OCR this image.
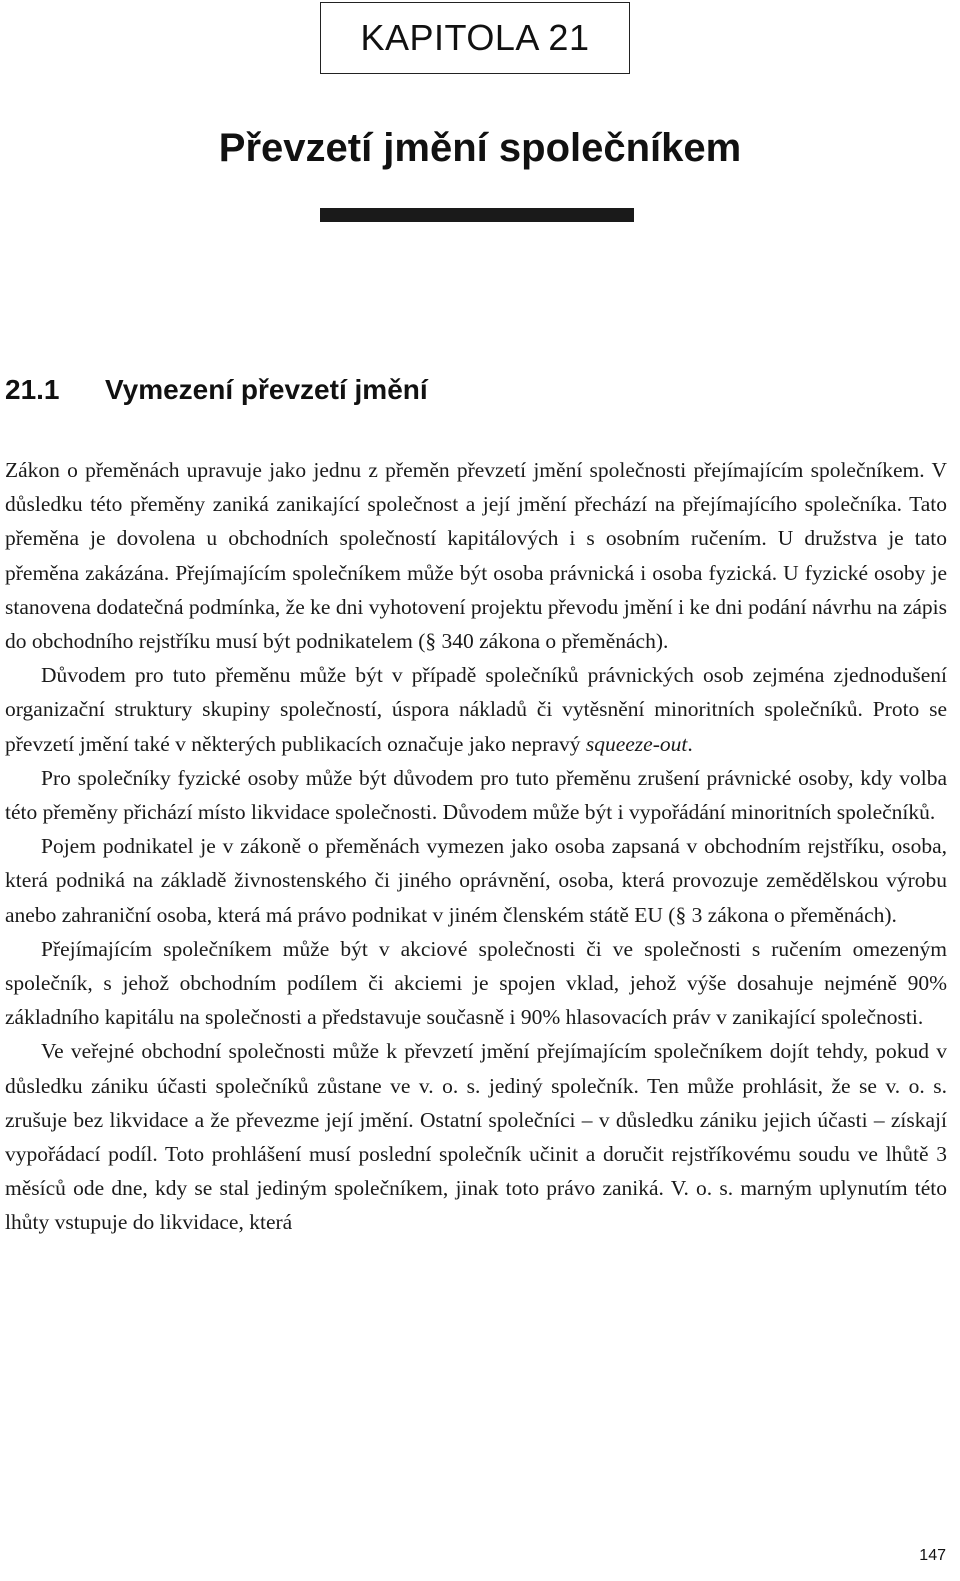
KAPITOLA 21
Převzetí jmění společníkem
21.1 Vymezení převzetí jmění

Zákon o přeměnách upravuje jako jednu z přeměn převzetí jmění společnosti přejímajícím společníkem. V důsledku této přeměny zaniká zanikající společnost a její jmění přechází na přejímajícího společníka. Tato přeměna je dovolena u obchodních společností kapitálových i s osobním ručením. U družstva je tato přeměna zakázána. Přejímajícím společníkem může být osoba právnická i osoba fyzická. U fyzické osoby je stanovena dodatečná podmínka, že ke dni vyhotovení projektu převodu jmění i ke dni podání návrhu na zápis do obchodního rejstříku musí být podnikatelem (§ 340 zákona o přeměnách).

Důvodem pro tuto přeměnu může být v případě společníků právnických osob zejména zjednodušení organizační struktury skupiny společností, úspora nákladů či vytěsnění minoritních společníků. Proto se převzetí jmění také v některých publikacích označuje jako nepravý squeeze-out.

Pro společníky fyzické osoby může být důvodem pro tuto přeměnu zrušení právnické osoby, kdy volba této přeměny přichází místo likvidace společnosti. Důvodem může být i vypořádání minoritních společníků.

Pojem podnikatel je v zákoně o přeměnách vymezen jako osoba zapsaná v obchodním rejstříku, osoba, která podniká na základě živnostenského či jiného oprávnění, osoba, která provozuje zemědělskou výrobu anebo zahraniční osoba, která má právo podnikat v jiném členském státě EU (§ 3 zákona o přeměnách).

Přejímajícím společníkem může být v akciové společnosti či ve společnosti s ručením omezeným společník, s jehož obchodním podílem či akciemi je spojen vklad, jehož výše dosahuje nejméně 90% základního kapitálu na společnosti a představuje současně i 90% hlasovacích práv v zanikající společnosti.

Ve veřejné obchodní společnosti může k převzetí jmění přejímajícím společníkem dojít tehdy, pokud v důsledku zániku účasti společníků zůstane ve v. o. s. jediný společník. Ten může prohlásit, že se v. o. s. zrušuje bez likvidace a že převezme její jmění. Ostatní společníci – v důsledku zániku jejich účasti – získají vypořádací podíl. Toto prohlášení musí poslední společník učinit a doručit rejstříkovému soudu ve lhůtě 3 měsíců ode dne, kdy se stal jediným společníkem, jinak toto právo zaniká. V. o. s. marným uplynutím této lhůty vstupuje do likvidace, která

147
